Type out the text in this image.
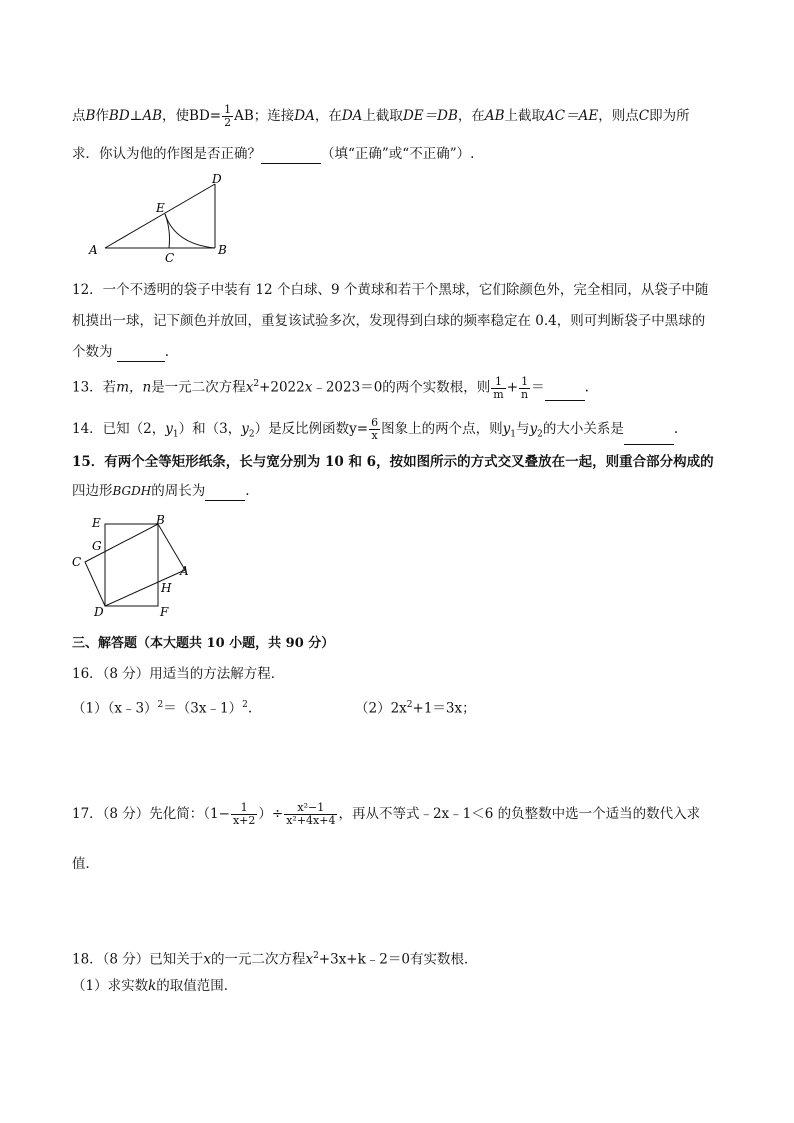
点B作BD⊥AB，使$BD= \frac{1}{2}$ AB；连接DA，在DA上截取DE＝DB，在AB上截取AC＝AE，则点C即为所
求．你认为他的作图是否正确？	（填“正确”或“不正确”）.
D
E
A
C
B
12．一个不透明的袋子中装有 12 个白球、9 个黄球和若干个黑球，它们除颜色外，完全相同，从袋子中随
机摸出一球，记下颜色并放回，重复该试验多次，发现得到白球的频率稳定在 0.4，则可判断袋子中黑球的
个数为	.
13．若m，n是一元二次方程$x^2+2022x﹣2023=0$的两个实数根，则 $\frac{1}{m} + \frac{1}{n}$ ＝	.
14．已知（2，$y_1$）和（3，$y_2$）是反比例函数$y= \frac{6}{x}$ 图象上的两个点，则$y_1$与$y_2$的大小关系是	.
15．有两个全等矩形纸条，长与宽分别为 10 和 6，按如图所示的方式交叉叠放在一起，则重合部分构成的
四边形BGDH的周长为	.
E	B
G
C
A
H
D	F
三、解答题（本大题共 10 小题，共 90 分）
16．（8 分）用适当的方法解方程．
（1）（x﹣3）$^2$＝（3x﹣1）$^2$.	$(2)2x^2+1=3x$；
17．（8 分）先化简：（$1- \frac{1}{x+2}$ ）÷ $\frac{\text{x²−1}}{\text{x²+4x+4}}$ ，再从不等式﹣2x﹣1＜6 的负整数中选一个适当的数代入求
值．
18．（8 分）已知关于x的一元二次方程$x^2+3x+k﹣2=0$有实数根．
（1）求实数k的取值范围．
